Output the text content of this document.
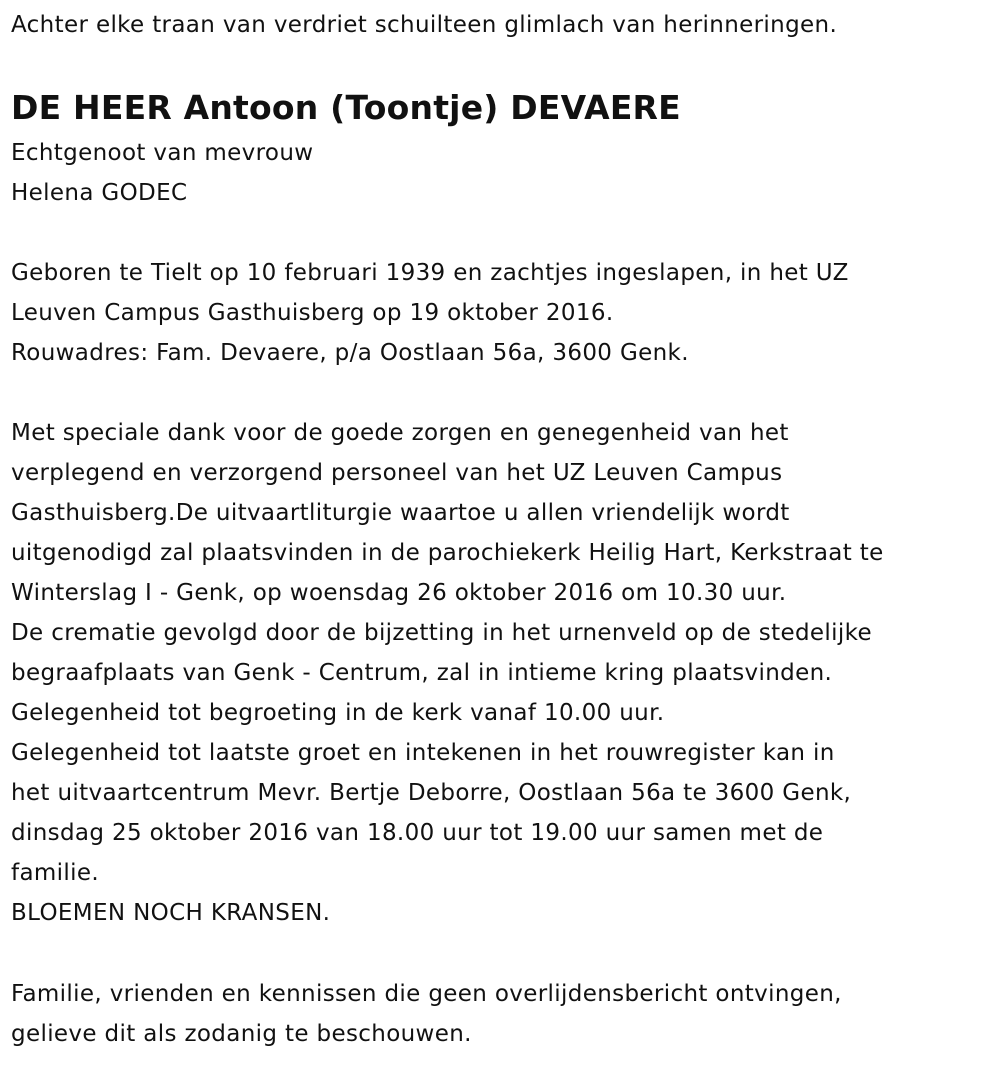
Achter elke traan van verdriet schuilteen glimlach van herinneringen.
DE HEER Antoon (Toontje) DEVAERE
Echtgenoot van mevrouw
Helena GODEC
Geboren te Tielt op 10 februari 1939 en zachtjes ingeslapen, in het UZ
Leuven Campus Gasthuisberg op 19 oktober 2016.
Rouwadres: Fam. Devaere, p/a Oostlaan 56a, 3600 Genk.
Met speciale dank voor de goede zorgen en genegenheid van het
verplegend en verzorgend personeel van het UZ Leuven Campus
Gasthuisberg.De uitvaartliturgie waartoe u allen vriendelijk wordt
uitgenodigd zal plaatsvinden in de parochiekerk Heilig Hart, Kerkstraat te
Winterslag I - Genk, op woensdag 26 oktober 2016 om 10.30 uur.
De crematie gevolgd door de bijzetting in het urnenveld op de stedelijke
begraafplaats van Genk - Centrum, zal in intieme kring plaatsvinden.
Gelegenheid tot begroeting in de kerk vanaf 10.00 uur.
Gelegenheid tot laatste groet en intekenen in het rouwregister kan in
het uitvaartcentrum Mevr. Bertje Deborre, Oostlaan 56a te 3600 Genk,
dinsdag 25 oktober 2016 van 18.00 uur tot 19.00 uur samen met de
familie.
BLOEMEN NOCH KRANSEN.
Familie, vrienden en kennissen die geen overlijdensbericht ontvingen,
gelieve dit als zodanig te beschouwen.
